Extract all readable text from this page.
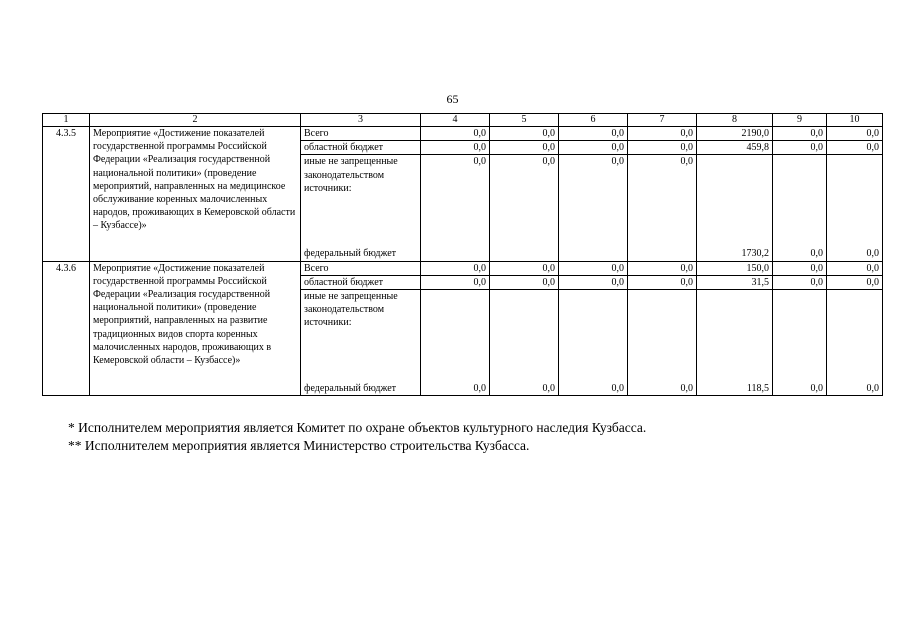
65
1	2	3	4	5	6	7	8	9	10
4.3.5	Мероприятие «Достижение показателей государственной программы Российской Федерации «Реализация государственной национальной политики» (проведение мероприятий, направленных на медицинское обслуживание коренных малочисленных народов, проживающих в Кемеровской области – Кузбассе)»	Всего	0,0	0,0	0,0	0,0	2190,0	0,0	0,0
		областной бюджет	0,0	0,0	0,0	0,0	459,8	0,0	0,0
		иные не запрещенные законодательством источники:	0,0	0,0	0,0	0,0			
		федеральный бюджет					1730,2	0,0	0,0
4.3.6	Мероприятие «Достижение показателей государственной программы Российской Федерации «Реализация государственной национальной политики» (проведение мероприятий, направленных на развитие традиционных видов спорта коренных малочисленных народов, проживающих в Кемеровской области – Кузбассе)»	Всего	0,0	0,0	0,0	0,0	150,0	0,0	0,0
		областной бюджет	0,0	0,0	0,0	0,0	31,5	0,0	0,0
		иные не запрещенные законодательством источники:							
		федеральный бюджет	0,0	0,0	0,0	0,0	118,5	0,0	0,0
* Исполнителем мероприятия является Комитет по охране объектов культурного наследия Кузбасса.
** Исполнителем мероприятия является Министерство строительства Кузбасса.
